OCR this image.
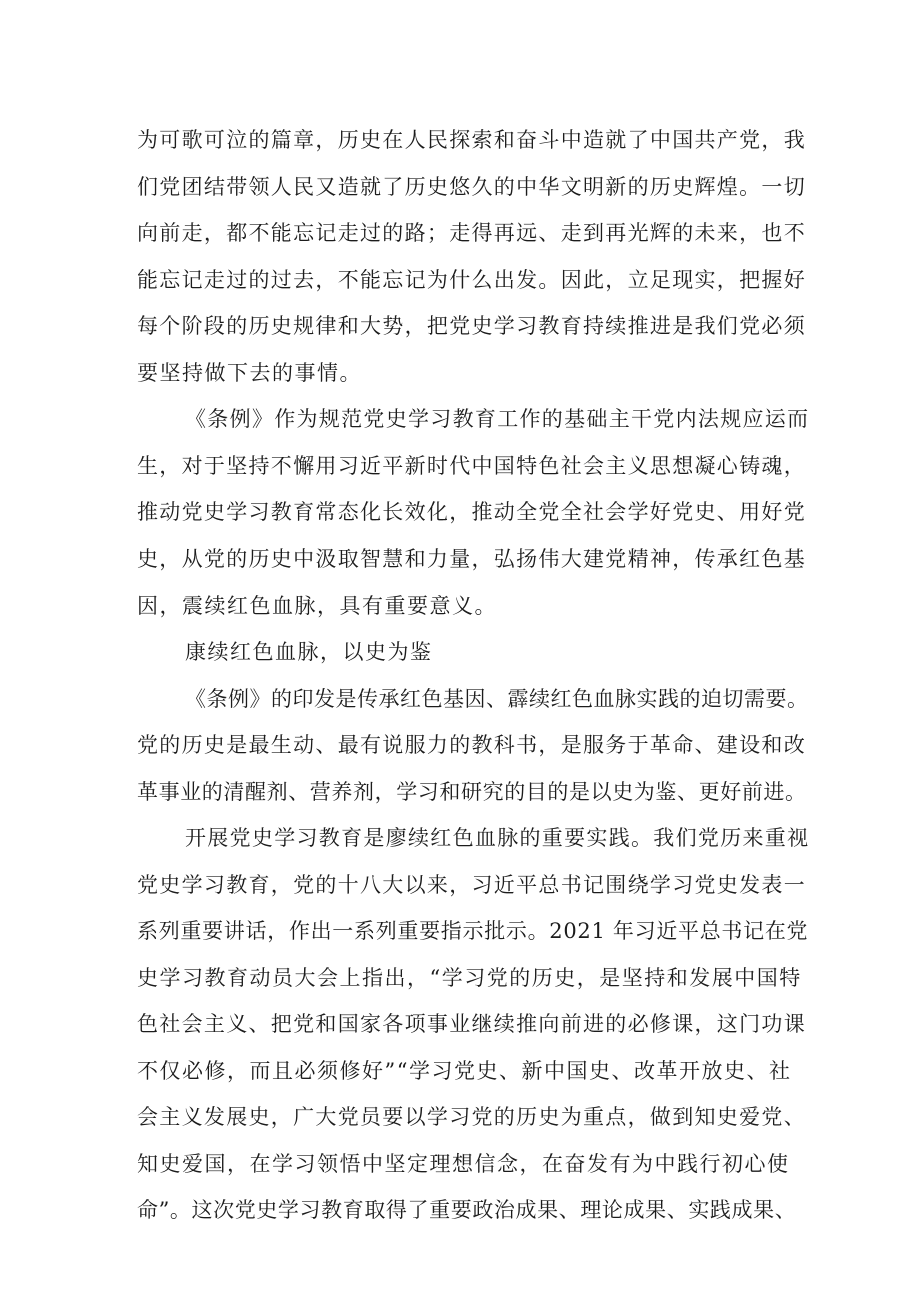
为可歌可泣的篇章，历史在人民探索和奋斗中造就了中国共产党，我
们党团结带领人民又造就了历史悠久的中华文明新的历史辉煌。一切
向前走，都不能忘记走过的路；走得再远、走到再光辉的未来，也不
能忘记走过的过去，不能忘记为什么出发。因此，立足现实，把握好
每个阶段的历史规律和大势，把党史学习教育持续推进是我们党必须
要坚持做下去的事情。
《条例》作为规范党史学习教育工作的基础主干党内法规应运而
生，对于坚持不懈用习近平新时代中国特色社会主义思想凝心铸魂，
推动党史学习教育常态化长效化，推动全党全社会学好党史、用好党
史，从党的历史中汲取智慧和力量，弘扬伟大建党精神，传承红色基
因，震续红色血脉，具有重要意义。
康续红色血脉，以史为鉴
《条例》的印发是传承红色基因、霹续红色血脉实践的迫切需要。
党的历史是最生动、最有说服力的教科书，是服务于革命、建设和改
革事业的清醒剂、营养剂，学习和研究的目的是以史为鉴、更好前进。
开展党史学习教育是廖续红色血脉的重要实践。我们党历来重视
党史学习教育，党的十八大以来，习近平总书记围绕学习党史发表一
系列重要讲话，作出一系列重要指示批示。2021 年习近平总书记在党
史学习教育动员大会上指出，“学习党的历史，是坚持和发展中国特
色社会主义、把党和国家各项事业继续推向前进的必修课，这门功课
不仅必修，而且必须修好”“学习党史、新中国史、改革开放史、社
会主义发展史，广大党员要以学习党的历史为重点，做到知史爱党、
知史爱国，在学习领悟中坚定理想信念，在奋发有为中践行初心使
命”。这次党史学习教育取得了重要政治成果、理论成果、实践成果、
